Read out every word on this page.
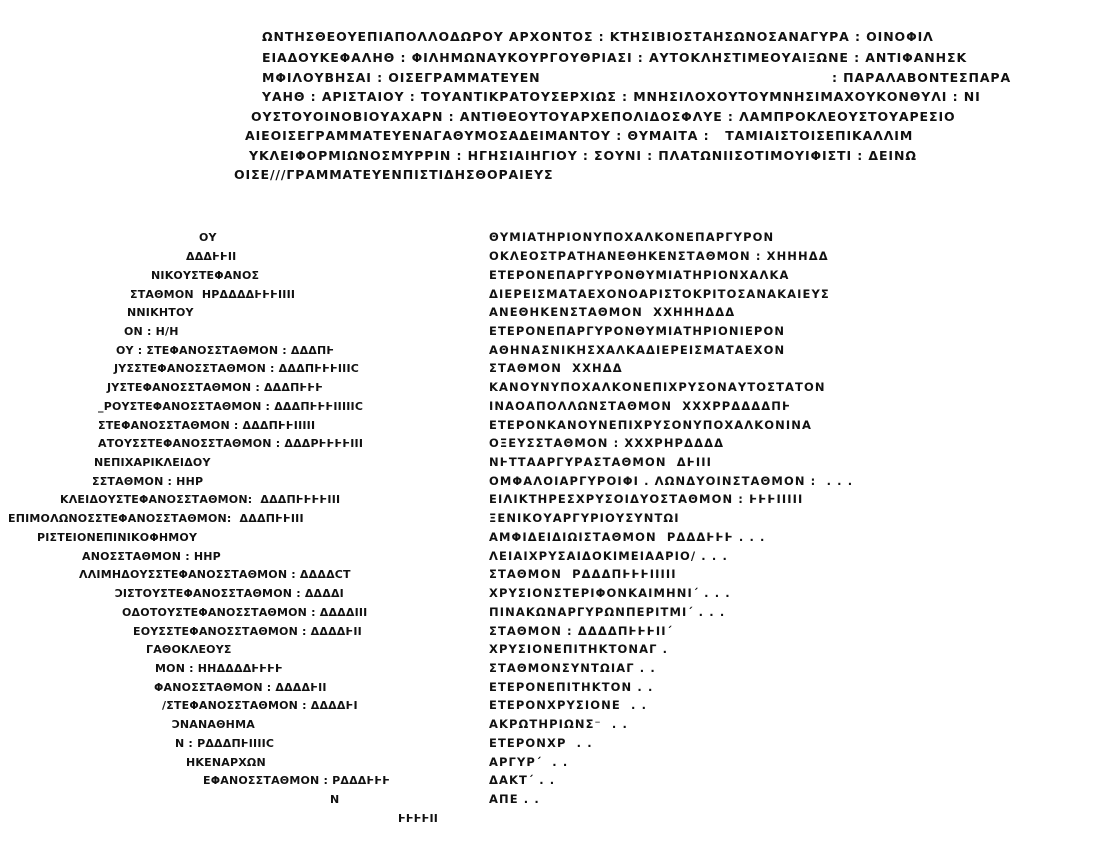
ΩΝΤΗΣΘΕΟΥΕΠΙΑΠΟΛΛΟΔΩΡΟΥ ΑΡΧΟΝΤΟΣ : ΚΤΗΣΙΒΙΟΣΤΑΗΣΩΝΟΣΑΝΑΓΥΡΑ : ΟΙΝΟΦΙΛ
ΕΙΑΔΟΥΚΕΦΑΛΗΘ : ΦΙΛΗΜΩΝΑΥΚΟΥΡΓΟΥΘΡΙΑΣΙ : ΑΥΤΟΚΛΗΣΤΙΜΕΟΥΑΙΞΩΝΕ : ΑΝΤΙΦΑΝΗΣΚ
ΜΦΙΛΟΥΒΗΣΑΙ : ΟΙΣΕΓΡΑΜΜΑΤΕΥΕΝ	: ΠΑΡΑΛΑΒΟΝΤΕΣΠΑΡΑ
ΥΑΗΘ : ΑΡΙΣΤΑΙΟΥ : ΤΟΥΑΝΤΙΚΡΑΤΟΥΣΕΡΧΙΩΣ : ΜΝΗΣΙΛΟΧΟΥΤΟΥΜΝΗΣΙΜΑΧΟΥΚΟΝΘΥΛΙ : ΝΙ
ΟΥΣΤΟΥΟΙΝΟΒΙΟΥΑΧΑΡΝ : ΑΝΤΙΘΕΟΥΤΟΥΑΡΧΕΠΟΛΙΔΟΣΦΛΥΕ : ΛΑΜΠΡΟΚΛΕΟΥΣΤΟΥΑΡΕΣΙΟ
ΑΙΕΟΙΣΕΓΡΑΜΜΑΤΕΥΕΝΑΓΑΘΥΜΟΣΑΔΕΙΜΑΝΤΟΥ : ΘΥΜΑΙΤΑ :   ΤΑΜΙΑΙΣΤΟΙΣΕΠΙΚΑΛΛΙΜ
ΥΚΛΕΙΦΟΡΜΙΩΝΟΣΜΥΡΡΙΝ : ΗΓΗΣΙΑΙΗΓΙΟΥ : ΣΟΥΝΙ : ΠΛΑΤΩΝΙΙΣΟΤΙΜΟΥΙΦΙΣΤΙ : ΔΕΙΝΩ
ΟΙΣΕ///ΓΡΑΜΜΑΤΕΥΕΝΠΙΣΤΙΔΗΣΘΟΡΑΙΕΥΣ
ΟΥ
ΔΔΔͰͰΙΙ
ΝΙΚΟΥΣΤΕΦΑΝΟΣ
ΣΤΑΘΜΟΝ  ΗΡΔΔΔΔͰͰͰΙΙΙΙ
ΝΝΙΚΗΤΟΥ
ΟΝ : Η/Η
ΟΥ : ΣΤΕΦΑΝΟΣΣΤΑΘΜΟΝ : ΔΔΔΠͰ
ͿΥΣΣΤΕΦΑΝΟΣΣΤΑΘΜΟΝ : ΔΔΔΠͰͰͰΙΙΙC
ͿΥΣΤΕΦΑΝΟΣΣΤΑΘΜΟΝ : ΔΔΔΠͰͰͰ
_ΡΟΥΣΤΕΦΑΝΟΣΣΤΑΘΜΟΝ : ΔΔΔΠͰͰͰΙΙΙΙΙC
ΣΤΕΦΑΝΟΣΣΤΑΘΜΟΝ : ΔΔΔΠͰͰΙΙΙΙΙ
ΑΤΟΥΣΣΤΕΦΑΝΟΣΣΤΑΘΜΟΝ : ΔΔΔΡͰͰͰͰΙΙΙ
ΝΕΠΙΧΑΡΙΚΛΕΙΔΟΥ
ΣΣΤΑΘΜΟΝ : ΗΗΡ
ΚΛΕΙΔΟΥΣΤΕΦΑΝΟΣΣΤΑΘΜΟΝ:  ΔΔΔΠͰͰͰͰΙΙΙ
ΕΠΙΜΟΛΩΝΟΣΣΤΕΦΑΝΟΣΣΤΑΘΜΟΝ:  ΔΔΔΠͰͰΙΙΙ
ΡΙΣΤΕΙΟΝΕΠΙΝΙΚΟΦΗΜΟΥ
ΑΝΟΣΣΤΑΘΜΟΝ : ΗΗΡ
ΛΛΙΜΗΔΟΥΣΣΤΕΦΑΝΟΣΣΤΑΘΜΟΝ : ΔΔΔΔCΤ
ϽΙΣΤΟΥΣΤΕΦΑΝΟΣΣΤΑΘΜΟΝ : ΔΔΔΔΙ
ΟΔΟΤΟΥΣΤΕΦΑΝΟΣΣΤΑΘΜΟΝ : ΔΔΔΔΙΙΙ
ΕΟΥΣΣΤΕΦΑΝΟΣΣΤΑΘΜΟΝ : ΔΔΔΔͰΙΙ
ΓΑΘΟΚΛΕΟΥΣ
ΜΟΝ : ΗΗΔΔΔΔͰͰͰͰ
ΦΑΝΟΣΣΤΑΘΜΟΝ : ΔΔΔΔͰΙΙ
/ΣΤΕΦΑΝΟΣΣΤΑΘΜΟΝ : ΔΔΔΔͰΙ
ϽΝΑΝΑΘΗΜΑ
Ν : ΡΔΔΔΠͰΙΙΙΙC
ΗΚΕΝΑΡΧΩΝ
ΕΦΑΝΟΣΣΤΑΘΜΟΝ : ΡΔΔΔͰͰͰ
Ν
ͰͰͰͰΙΙ
ΘΥΜΙΑΤΗΡΙΟΝΥΠΟΧΑΛΚΟΝΕΠΑΡΓΥΡΟΝ
ΟΚΛΕΟΣΤΡΑΤΗΑΝΕΘΗΚΕΝΣΤΑΘΜΟΝ : ΧΗΗΗΔΔ
ΕΤΕΡΟΝΕΠΑΡΓΥΡΟΝΘΥΜΙΑΤΗΡΙΟΝΧΑΛΚΑ
ΔΙΕΡΕΙΣΜΑΤΑΕΧΟΝΟΑΡΙΣΤΟΚΡΙΤΟΣΑΝΑΚΑΙΕΥΣ
ΑΝΕΘΗΚΕΝΣΤΑΘΜΟΝ  ΧΧΗΗΗΔΔΔ
ΕΤΕΡΟΝΕΠΑΡΓΥΡΟΝΘΥΜΙΑΤΗΡΙΟΝΙΕΡΟΝ
ΑΘΗΝΑΣΝΙΚΗΣΧΑΛΚΑΔΙΕΡΕΙΣΜΑΤΑΕΧΟΝ
ΣΤΑΘΜΟΝ  ΧΧΗΔΔ
ΚΑΝΟΥΝΥΠΟΧΑΛΚΟΝΕΠΙΧΡΥΣΟΝΑΥΤΟΣΤΑΤΟΝ
ΙΝΑΟΑΠΟΛΛΩΝΣΤΑΘΜΟΝ  ΧΧΧΡΡΔΔΔΔΠͰ
ΕΤΕΡΟΝΚΑΝΟΥΝΕΠΙΧΡΥΣΟΝΥΠΟΧΑΛΚΟΝΙΝΑ
ΟΞΕΥΣΣΤΑΘΜΟΝ : ΧΧΧΡΗΡΔΔΔΔ
ΝͰΤΤΑΑΡΓΥΡΑΣΤΑΘΜΟΝ  ΔͰΙΙΙ
ΟΜΦΑΛΟΙΑΡΓΥΡΟΙΦΙ . ΛΩΝΔΥΟΙΝΣΤΑΘΜΟΝ :  . . .
ΕΙΛΙΚΤΗΡΕΣΧΡΥΣΟΙΔΥΟΣΤΑΘΜΟΝ : ͰͰͰΙΙΙΙΙ
ΞΕΝΙΚΟΥΑΡΓΥΡΙΟΥΣΥΝΤΩΙ
ΑΜΦΙΔΕΙΔΙΩΙΣΤΑΘΜΟΝ  ΡΔΔΔͰͰͰ . . .
ΛΕΙΑΙΧΡΥΣΑΙΔΟΚΙΜΕΙΑΑΡΙΟ/ . . .
ΣΤΑΘΜΟΝ  ΡΔΔΔΠͰͰͰΙΙΙΙΙ
ΧΡΥΣΙΟΝΣΤΕΡΙΦΟΝΚΑΙΜΗΝΙ΄ . . .
ΠΙΝΑΚΩΝΑΡΓΥΡΩΝΠΕΡΙΤΜΙ΄ . . .
ΣΤΑΘΜΟΝ : ΔΔΔΔΠͰͰͰΙΙ΄
ΧΡΥΣΙΟΝΕΠΙΤΗΚΤΟΝΑΓ .
ΣΤΑΘΜΟΝΣΥΝΤΩΙΑΓ . .
ΕΤΕΡΟΝΕΠΙΤΗΚΤΟΝ . .
ΕΤΕΡΟΝΧΡΥΣΙΟΝΕ  . .
ΑΚΡΩΤΗΡΙΩΝΣ⁻  . .
ΕΤΕΡΟΝΧΡ  . .
ΑΡΓΥΡ΄  . .
ΔΑΚΤ΄ . .
ΑΠΕ . .
